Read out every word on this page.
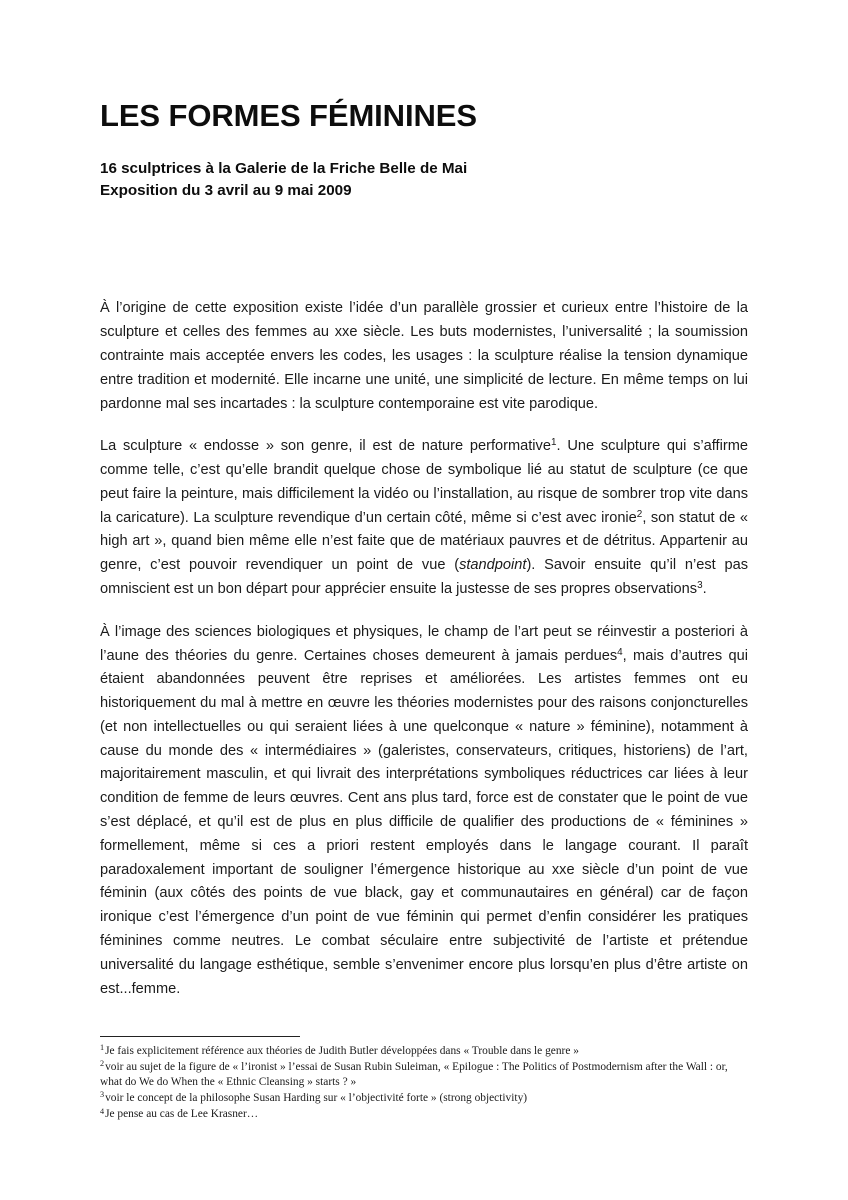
LES FORMES FÉMININES
16 sculptrices à la Galerie de la Friche Belle de Mai
Exposition du 3 avril au 9 mai 2009

À l’origine de cette exposition existe l’idée d’un parallèle grossier et curieux entre l’histoire de la sculpture et celles des femmes au xxe siècle. Les buts modernistes, l’universalité ; la soumission contrainte mais acceptée envers les codes, les usages : la sculpture réalise la tension dynamique entre tradition et modernité. Elle incarne une unité, une simplicité de lecture. En même temps on lui pardonne mal ses incartades : la sculpture contemporaine est vite parodique.

La sculpture « endosse » son genre, il est de nature performative$^1$. Une sculpture qui s’affirme comme telle, c’est qu’elle brandit quelque chose de symbolique lié au statut de sculpture (ce que peut faire la peinture, mais difficilement la vidéo ou l’installation, au risque de sombrer trop vite dans la caricature). La sculpture revendique d’un certain côté, même si c’est avec ironie$^2$, son statut de « high art », quand bien même elle n’est faite que de matériaux pauvres et de détritus. Appartenir au genre, c’est pouvoir revendiquer un point de vue (standpoint). Savoir ensuite qu’il n’est pas omniscient est un bon départ pour apprécier ensuite la justesse de ses propres observations$^3$.

À l’image des sciences biologiques et physiques, le champ de l’art peut se réinvestir a posteriori à l’aune des théories du genre. Certaines choses demeurent à jamais perdues$^4$, mais d’autres qui étaient abandonnées peuvent être reprises et améliorées. Les artistes femmes ont eu historiquement du mal à mettre en œuvre les théories modernistes pour des raisons conjoncturelles (et non intellectuelles ou qui seraient liées à une quelconque « nature » féminine), notamment à cause du monde des « intermédiaires » (galeristes, conservateurs, critiques, historiens) de l’art, majoritairement masculin, et qui livrait des interprétations symboliques réductrices car liées à leur condition de femme de leurs œuvres. Cent ans plus tard, force est de constater que le point de vue s’est déplacé, et qu’il est de plus en plus difficile de qualifier des productions de « féminines » formellement, même si ces a priori restent employés dans le langage courant. Il paraît paradoxalement important de souligner l’émergence historique au xxe siècle d’un point de vue féminin (aux côtés des points de vue black, gay et communautaires en général) car de façon ironique c’est l’émergence d’un point de vue féminin qui permet d’enfin considérer les pratiques féminines comme neutres. Le combat séculaire entre subjectivité de l’artiste et prétendue universalité du langage esthétique, semble s’envenimer encore plus lorsqu’en plus d’être artiste on est...femme.

$^1$Je fais explicitement référence aux théories de Judith Butler développées dans « Trouble dans le genre »

$^2$voir au sujet de la figure de « l’ironist » l’essai de Susan Rubin Suleiman, « Epilogue : The Politics of Postmodernism after the Wall : or, what do We do When the « Ethnic Cleansing » starts ? »

$^3$voir le concept de la philosophe Susan Harding sur « l’objectivité forte » (strong objectivity)

$^4$Je pense au cas de Lee Krasner…
